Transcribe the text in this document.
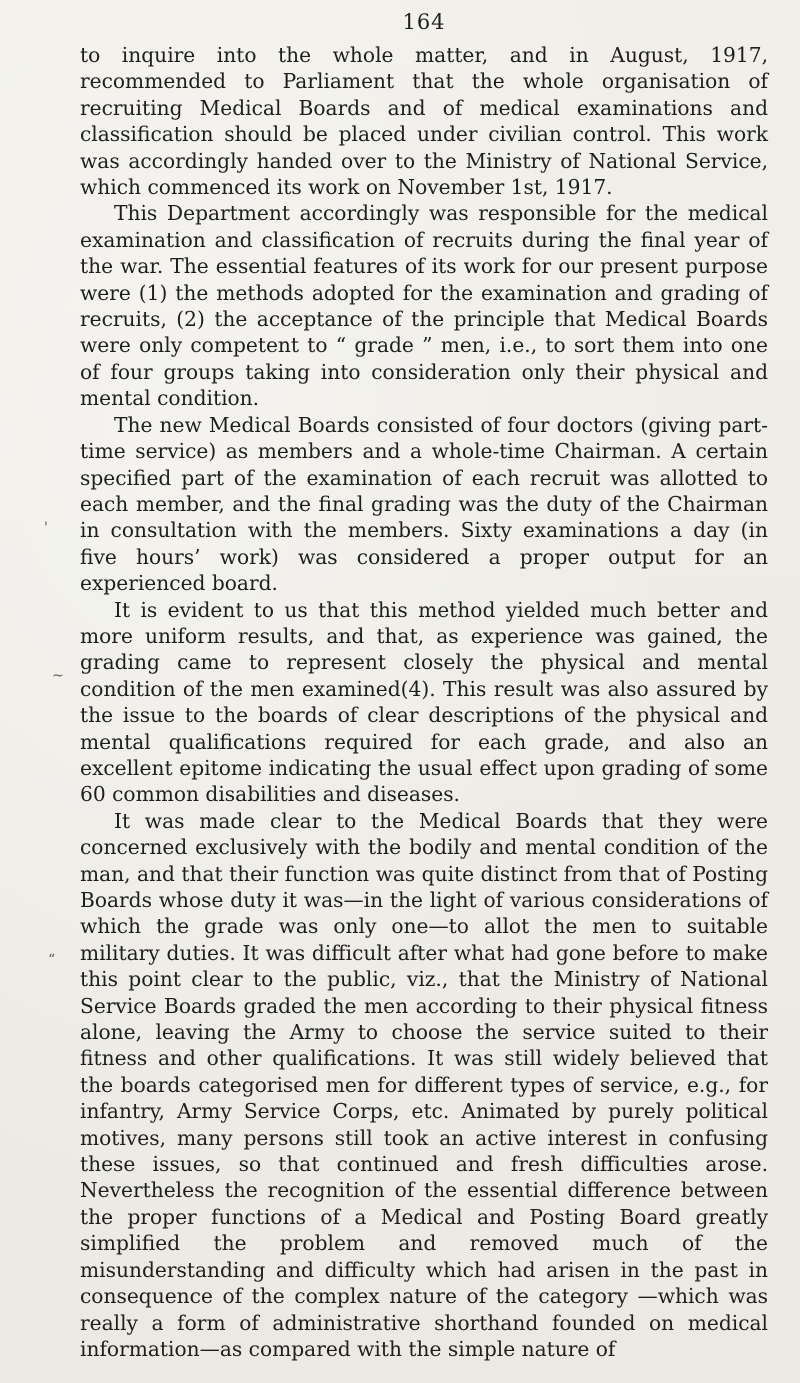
164

to inquire into the whole matter, and in August, 1917, recommended to Parliament that the whole organisation of recruiting Medical Boards and of medical examinations and classification should be placed under civilian control. This work was accordingly handed over to the Ministry of National Service, which commenced its work on November 1st, 1917.

This Department accordingly was responsible for the medical examination and classification of recruits during the final year of the war. The essential features of its work for our present purpose were (1) the methods adopted for the examination and grading of recruits, (2) the acceptance of the principle that Medical Boards were only competent to “ grade ” men, i.e., to sort them into one of four groups taking into consideration only their physical and mental condition.

The new Medical Boards consisted of four doctors (giving part-time service) as members and a whole-time Chairman. A certain specified part of the examination of each recruit was allotted to each member, and the final grading was the duty of the Chairman in consultation with the members. Sixty examinations a day (in five hours’ work) was considered a proper output for an experienced board.

It is evident to us that this method yielded much better and more uniform results, and that, as experience was gained, the grading came to represent closely the physical and mental condition of the men examined(4). This result was also assured by the issue to the boards of clear descriptions of the physical and mental qualifications required for each grade, and also an excellent epitome indicating the usual effect upon grading of some 60 common disabilities and diseases.

It was made clear to the Medical Boards that they were concerned exclusively with the bodily and mental condition of the man, and that their function was quite distinct from that of Posting Boards whose duty it was—in the light of various considerations of which the grade was only one—to allot the men to suitable military duties. It was difficult after what had gone before to make this point clear to the public, viz., that the Ministry of National Service Boards graded the men according to their physical fitness alone, leaving the Army to choose the service suited to their fitness and other qualifications. It was still widely believed that the boards categorised men for different types of service, e.g., for infantry, Army Service Corps, etc. Animated by purely political motives, many persons still took an active interest in confusing these issues, so that continued and fresh difficulties arose. Nevertheless the recognition of the essential difference between the proper functions of a Medical and Posting Board greatly simplified the problem and removed much of the misunderstanding and difficulty which had arisen in the past in consequence of the complex nature of the category —which was really a form of administrative shorthand founded on medical information—as compared with the simple nature of

'
~
“
